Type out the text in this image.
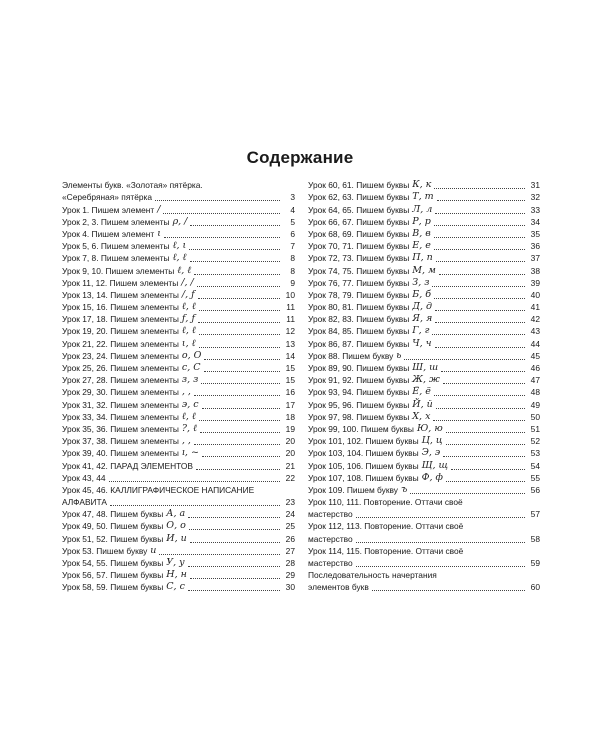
Содержание
Элементы букв. «Золотая» пятёрка.
«Серебряная» пятёрка	3
Урок 1. Пишем элемент /	4
Урок 2, 3. Пишем элементы ρ, /	5
Урок 4. Пишем элемент ι	6
Урок 5, 6. Пишем элементы ℓ, ι	7
Урок 7, 8. Пишем элементы ℓ, ℓ	8
Урок 9, 10. Пишем элементы ℓ, ℓ	8
Урок 11, 12. Пишем элементы /, /	9
Урок 13, 14. Пишем элементы /, ƒ	10
Урок 15, 16. Пишем элементы ℓ, ℓ	11
Урок 17, 18. Пишем элементы ƒ, ƒ	11
Урок 19, 20. Пишем элементы ℓ, ℓ	12
Урок 21, 22. Пишем элементы ι, ℓ	13
Урок 23, 24. Пишем элементы о, О	14
Урок 25, 26. Пишем элементы с, С	15
Урок 27, 28. Пишем элементы з, з	15
Урок 29, 30. Пишем элементы ‚ ,	16
Урок 31, 32. Пишем элементы э, с	17
Урок 33, 34. Пишем элементы ℓ, ℓ	18
Урок 35, 36. Пишем элементы ?, ℓ	19
Урок 37, 38. Пишем элементы ‚ ,	20
Урок 39, 40. Пишем элементы ı, ~	20
Урок 41, 42. ПАРАД ЭЛЕМЕНТОВ	21
Урок 43, 44	22
Урок 45, 46. КАЛЛИГРАФИЧЕСКОЕ НАПИСАНИЕ
АЛФАВИТА	23
Урок 47, 48. Пишем буквы А, а	24
Урок 49, 50. Пишем буквы О, о	25
Урок 51, 52. Пишем буквы И, и	26
Урок 53. Пишем букву и	27
Урок 54, 55. Пишем буквы У, у	28
Урок 56, 57. Пишем буквы Н, н	29
Урок 58, 59. Пишем буквы С, с	30
Урок 60, 61. Пишем буквы К, к	31
Урок 62, 63. Пишем буквы Т, т	32
Урок 64, 65. Пишем буквы Л, л	33
Урок 66, 67. Пишем буквы Р, р	34
Урок 68, 69. Пишем буквы В, в	35
Урок 70, 71. Пишем буквы Е, е	36
Урок 72, 73. Пишем буквы П, п	37
Урок 74, 75. Пишем буквы М, м	38
Урок 76, 77. Пишем буквы З, з	39
Урок 78, 79. Пишем буквы Б, б	40
Урок 80, 81. Пишем буквы Д, д	41
Урок 82, 83. Пишем буквы Я, я	42
Урок 84, 85. Пишем буквы Г, г	43
Урок 86, 87. Пишем буквы Ч, ч	44
Урок 88. Пишем букву ь	45
Урок 89, 90. Пишем буквы Ш, ш	46
Урок 91, 92. Пишем буквы Ж, ж	47
Урок 93, 94. Пишем буквы Ё, ё	48
Урок 95, 96. Пишем буквы Й, й	49
Урок 97, 98. Пишем буквы Х, х	50
Урок 99, 100. Пишем буквы Ю, ю	51
Урок 101, 102. Пишем буквы Ц, ц	52
Урок 103, 104. Пишем буквы Э, э	53
Урок 105, 106. Пишем буквы Щ, щ	54
Урок 107, 108. Пишем буквы Ф, ф	55
Урок 109. Пишем букву ъ	56
Урок 110, 111. Повторение. Оттачи своё
мастерство	57
Урок 112, 113. Повторение. Оттачи своё
мастерство	58
Урок 114, 115. Повторение. Оттачи своё
мастерство	59
Последовательность начертания
элементов букв	60
